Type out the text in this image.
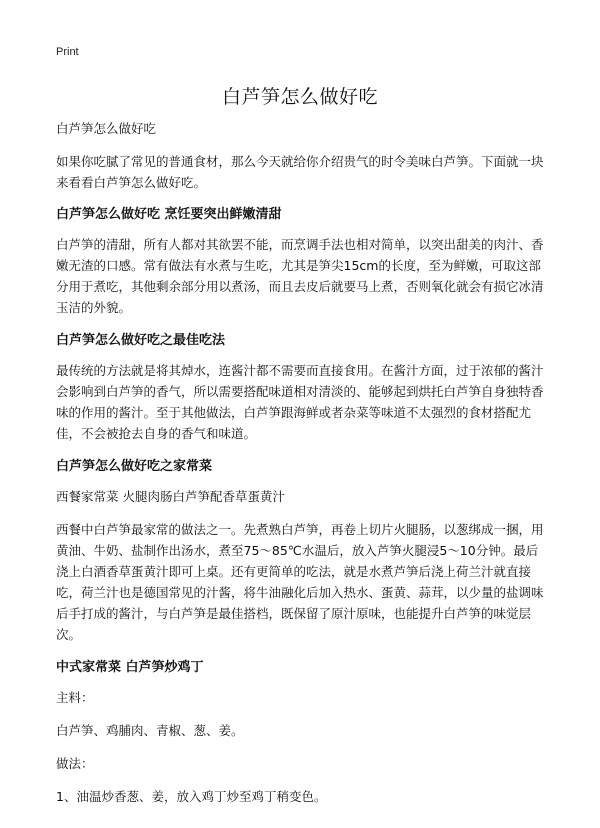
Print
白芦笋怎么做好吃

白芦笋怎么做好吃

如果你吃腻了常见的普通食材，那么今天就给你介绍贵气的时令美味白芦笋。下面就一块来看看白芦笋怎么做好吃。

白芦笋怎么做好吃 烹饪要突出鲜嫩清甜

白芦笋的清甜，所有人都对其欲罢不能，而烹调手法也相对简单，以突出甜美的肉汁、香嫩无渣的口感。常有做法有水煮与生吃，尤其是笋尖15cm的长度，至为鲜嫩，可取这部分用于煮吃，其他剩余部分用以煮汤，而且去皮后就要马上煮，否则氧化就会有损它冰清玉洁的外貌。

白芦笋怎么做好吃之最佳吃法

最传统的方法就是将其焯水，连酱汁都不需要而直接食用。在酱汁方面，过于浓郁的酱汁会影响到白芦笋的香气，所以需要搭配味道相对清淡的、能够起到烘托白芦笋自身独特香味的作用的酱汁。至于其他做法，白芦笋跟海鲜或者杂菜等味道不太强烈的食材搭配尤佳，不会被抢去自身的香气和味道。

白芦笋怎么做好吃之家常菜

西餐家常菜 火腿肉肠白芦笋配香草蛋黄汁

西餐中白芦笋最家常的做法之一。先煮熟白芦笋，再卷上切片火腿肠，以葱绑成一捆，用黄油、牛奶、盐制作出汤水，煮至75～85℃水温后，放入芦笋火腿浸5～10分钟。最后浇上白酒香草蛋黄汁即可上桌。还有更简单的吃法，就是水煮芦笋后浇上荷兰汁就直接吃，荷兰汁也是德国常见的汁酱，将牛油融化后加入热水、蛋黄、蒜茸，以少量的盐调味后手打成的酱汁，与白芦笋是最佳搭档，既保留了原汁原味，也能提升白芦笋的味觉层次。

中式家常菜 白芦笋炒鸡丁

主料：

白芦笋、鸡脯肉、青椒、葱、姜。

做法：

1、油温炒香葱、姜，放入鸡丁炒至鸡丁稍变色。
